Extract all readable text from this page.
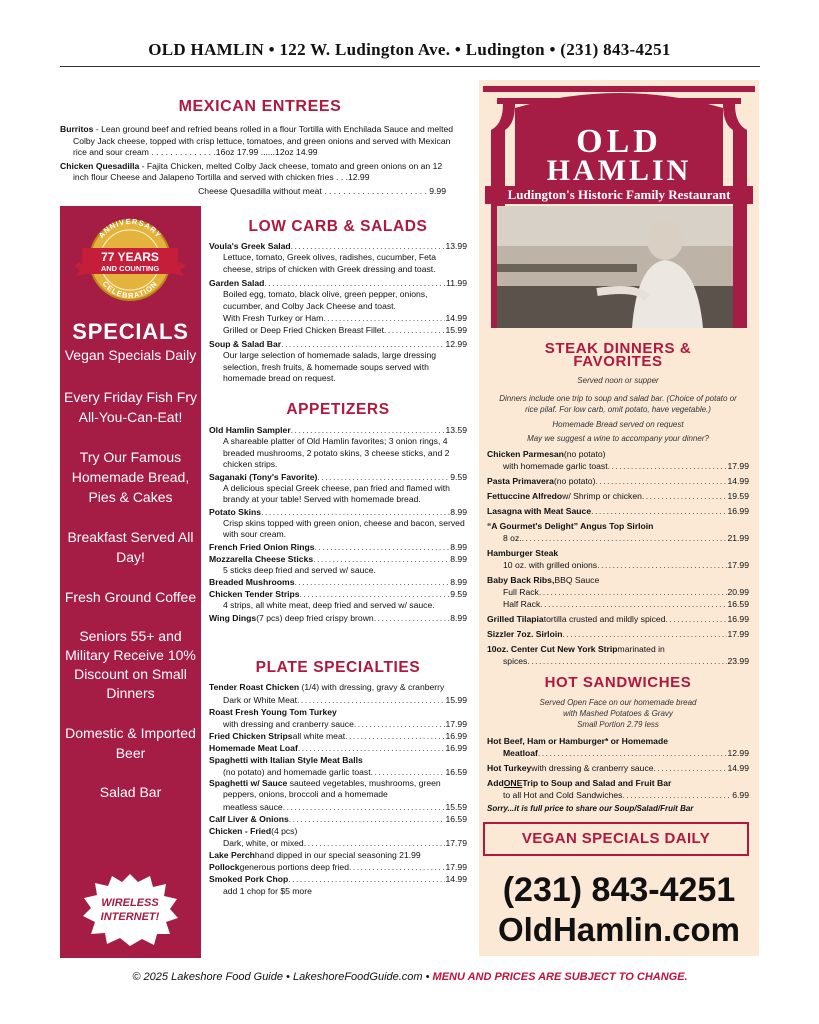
OLD HAMLIN • 122 W. Ludington Ave. • Ludington • (231) 843-4251
MEXICAN ENTREES
Burritos - Lean ground beef and refried beans rolled in a flour Tortilla with Enchilada Sauce and melted Colby Jack cheese, topped with crisp lettuce, tomatoes, and green onions and served with Mexican rice and sour cream . . . . . . . . . . . . . .16oz 17.99 ......12oz 14.99
Chicken Quesadilla - Fajita Chicken, melted Colby Jack cheese, tomato and green onions on an 12 inch flour Cheese and Jalapeno Tortilla and served with chicken fries . . .12.99
Cheese Quesadilla without meat . . . . . . . . . . . . . . . . . . . . . . 9.99
SPECIALS
Vegan Specials Daily
Every Friday Fish Fry All-You-Can-Eat!
Try Our Famous Homemade Bread, Pies & Cakes
Breakfast Served All Day!
Fresh Ground Coffee
Seniors 55+ and Military Receive 10% Discount on Small Dinners
Domestic & Imported Beer
Salad Bar
ANNIVERSARY
CELEBRATION
77 YEARS
AND COUNTING
WIRELESS
INTERNET!
LOW CARB & SALADS
Voula's Greek Salad .....	13.99
Lettuce, tomato, Greek olives, radishes, cucumber, Feta cheese, strips of chicken with Greek dressing and toast.
Garden Salad .....	11.99
Boiled egg, tomato, black olive, green pepper, onions, cucumber, and Colby Jack Cheese and toast.
With Fresh Turkey or Ham .....	14.99
Grilled or Deep Fried Chicken Breast Fillet .....	15.99
Soup & Salad Bar .....	12.99
Our large selection of homemade salads, large dressing selection, fresh fruits, & homemade soups served with homemade bread on request.
APPETIZERS
Old Hamlin Sampler .....	13.59
A shareable platter of Old Hamlin favorites; 3 onion rings, 4 breaded mushrooms, 2 potato skins, 3 cheese sticks, and 2 chicken strips.
Saganaki (Tony's Favorite) .....	9.59
A delicious special Greek cheese, pan fried and flamed with brandy at your table! Served with homemade bread.
Potato Skins .....	8.99
Crisp skins topped with green onion, cheese and bacon, served with sour cream.
French Fried Onion Rings .....	8.99
Mozzarella Cheese Sticks .....	8.99
5 sticks deep fried and served w/ sauce.
Breaded Mushrooms .....	8.99
Chicken Tender Strips .....	9.59
4 strips, all white meat, deep fried and served w/ sauce.
Wing Dings (7 pcs) deep fried crispy brown .....	8.99
PLATE SPECIALTIES
Tender Roast Chicken (1/4) with dressing, gravy & cranberry
Dark or White Meat .....	15.99
Roast Fresh Young Tom Turkey
with dressing and cranberry sauce .....	17.99
Fried Chicken Strips all white meat .....	16.99
Homemade Meat Loaf .....	16.99
Spaghetti with Italian Style Meat Balls
(no potato) and homemade garlic toast .....	16.59
Spaghetti w/ Sauce sauteed vegetables, mushrooms, green peppers, onions, broccoli and a homemade
meatless sauce .....	15.59
Calf Liver & Onions .....	16.59
Chicken - Fried (4 pcs)
Dark, white, or mixed .....	17.79
Lake Perch hand dipped in our special seasoning
21.99
Pollock generous portions deep fried .....	17.99
Smoked Pork Chop .....	14.99
add 1 chop for $5 more
OLD
HAMLIN
Ludington's Historic Family Restaurant
STEAK DINNERS &
FAVORITES
Served noon or supper
Dinners include one trip to soup and salad bar. (Choice of potato or rice pilaf. For low carb, omit potato, have vegetable.)
Homemade Bread served on request
May we suggest a wine to accompany your dinner?
Chicken Parmesan (no potato)
with homemade garlic toast .....	17.99
Pasta Primavera (no potato) .....	14.99
Fettuccine Alfredo w/ Shrimp or chicken .....	19.59
Lasagna with Meat Sauce .....	16.99
“A Gourmet's Delight” Angus Top Sirloin
8 oz. .....	21.99
Hamburger Steak
10 oz. with grilled onions .....	17.99
Baby Back Ribs, BBQ Sauce
Full Rack .....	20.99
Half Rack .....	16.59
Grilled Tilapia tortilla crusted and mildly spiced .....	16.99
Sizzler 7oz. Sirloin .....	17.99
10oz. Center Cut New York Strip marinated in
spices .....	23.99
HOT SANDWICHES
Served Open Face on our homemade bread
with Mashed Potatoes & Gravy
Small Portion 2.79 less
Hot Beef, Ham or Hamburger* or Homemade
Meatloaf .....	12.99
Hot Turkey with dressing & cranberry sauce .....	14.99
Add ONE Trip to Soup and Salad and Fruit Bar
to all Hot and Cold Sandwiches .....	6.99
Sorry...it is full price to share our Soup/Salad/Fruit Bar
VEGAN SPECIALS DAILY
(231) 843-4251
OldHamlin.com
© 2025 Lakeshore Food Guide • LakeshoreFoodGuide.com • MENU AND PRICES ARE SUBJECT TO CHANGE.
